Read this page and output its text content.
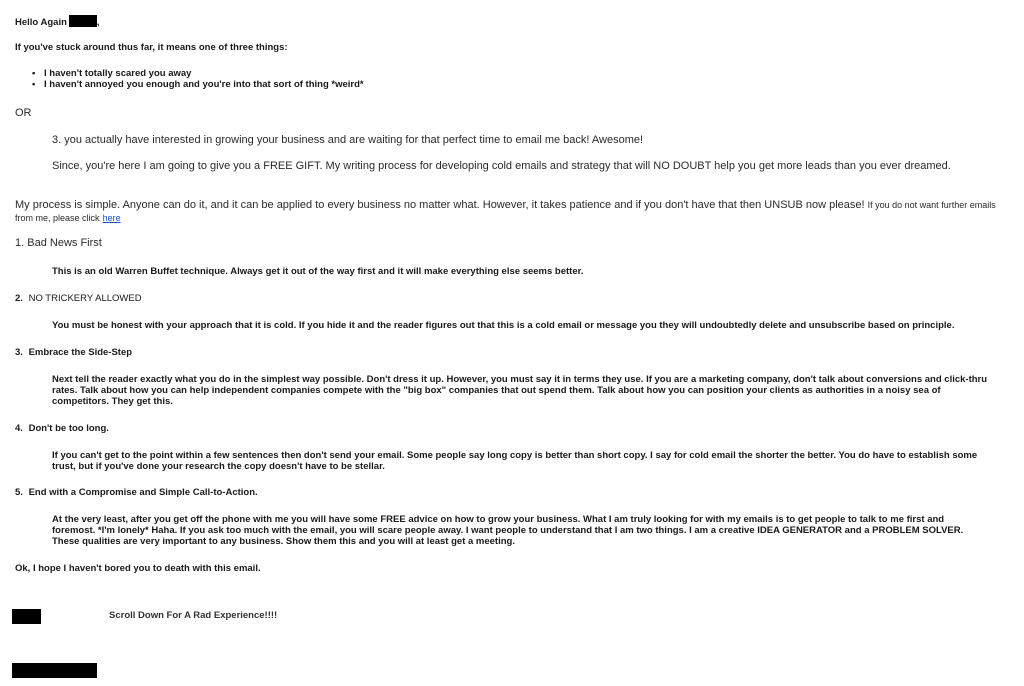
Hello Again	,
If you've stuck around thus far, it means one of three things:
• I haven't totally scared you away
• I haven't annoyed you enough and you're into that sort of thing *weird*
OR
3. you actually have interested in growing your business and are waiting for that perfect time to email me back! Awesome!
Since, you're here I am going to give you a FREE GIFT. My writing process for developing cold emails and strategy that will NO DOUBT help you get more leads than you ever dreamed.
My process is simple. Anyone can do it, and it can be applied to every business no matter what. However, it takes patience and if you don't have that then UNSUB now please! If you do not want further emails from me, please click here
1. Bad News First
This is an old Warren Buffet technique. Always get it out of the way first and it will make everything else seems better.
2. NO TRICKERY ALLOWED
You must be honest with your approach that it is cold. If you hide it and the reader figures out that this is a cold email or message you they will undoubtedly delete and unsubscribe based on principle.
3. Embrace the Side-Step
Next tell the reader exactly what you do in the simplest way possible. Don't dress it up. However, you must say it in terms they use. If you are a marketing company, don't talk about conversions and click-thru rates. Talk about how you can help independent companies compete with the "big box" companies that out spend them. Talk about how you can position your clients as authorities in a noisy sea of competitors. They get this.
4. Don't be too long.
If you can't get to the point within a few sentences then don't send your email. Some people say long copy is better than short copy. I say for cold email the shorter the better. You do have to establish some trust, but if you've done your research the copy doesn't have to be stellar.
5. End with a Compromise and Simple Call-to-Action.
At the very least, after you get off the phone with me you will have some FREE advice on how to grow your business. What I am truly looking for with my emails is to get people to talk to me first and foremost. *I'm lonely* Haha. If you ask too much with the email, you will scare people away. I want people to understand that I am two things. I am a creative IDEA GENERATOR and a PROBLEM SOLVER. These qualities are very important to any business. Show them this and you will at least get a meeting.
Ok, I hope I haven't bored you to death with this email.
Scroll Down For A Rad Experience!!!!
